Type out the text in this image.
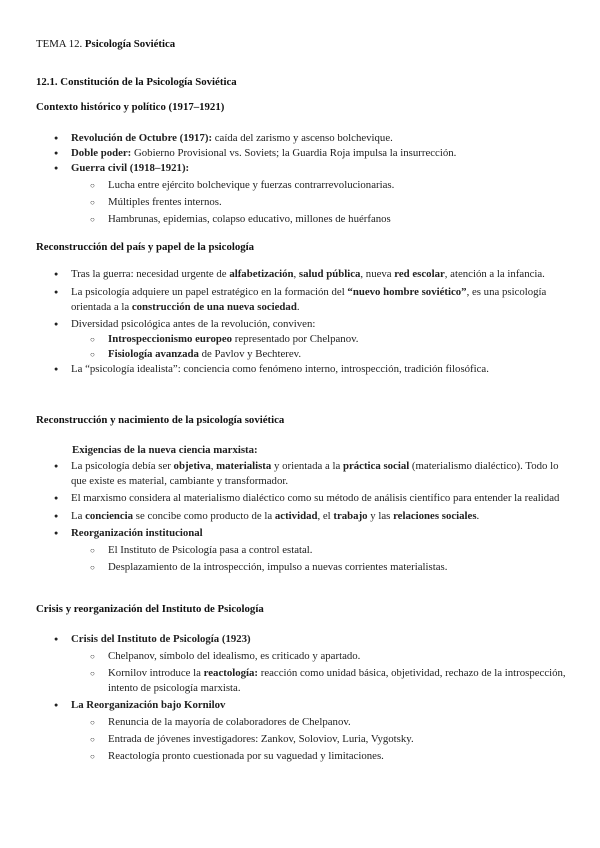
TEMA 12. Psicología Soviética

12.1. Constitución de la Psicología Soviética

Contexto histórico y político (1917–1921)

● Revolución de Octubre (1917): caída del zarismo y ascenso bolchevique.
● Doble poder: Gobierno Provisional vs. Soviets; la Guardia Roja impulsa la insurrección.
● Guerra civil (1918–1921):
○ Lucha entre ejército bolchevique y fuerzas contrarrevolucionarias.
○ Múltiples frentes internos.
○ Hambrunas, epidemias, colapso educativo, millones de huérfanos

Reconstrucción del país y papel de la psicología

● Tras la guerra: necesidad urgente de alfabetización, salud pública, nueva red escolar, atención a la infancia.
● La psicología adquiere un papel estratégico en la formación del “nuevo hombre soviético”, es una psicología orientada a la construcción de una nueva sociedad.
● Diversidad psicológica antes de la revolución, conviven:
○ Introspeccionismo europeo representado por Chelpanov.
○ Fisiología avanzada de Pavlov y Bechterev.
● La “psicología idealista”: conciencia como fenómeno interno, introspección, tradición filosófica.

Reconstrucción y nacimiento de la psicología soviética

Exigencias de la nueva ciencia marxista:

● La psicología debía ser objetiva, materialista y orientada a la práctica social (materialismo dialéctico). Todo lo que existe es material, cambiante y transformador.
● El marxismo considera al materialismo dialéctico como su método de análisis científico para entender la realidad
● La conciencia se concibe como producto de la actividad, el trabajo y las relaciones sociales.
● Reorganización institucional
○ El Instituto de Psicología pasa a control estatal.
○ Desplazamiento de la introspección, impulso a nuevas corrientes materialistas.

Crisis y reorganización del Instituto de Psicología

● Crisis del Instituto de Psicología (1923)
○ Chelpanov, símbolo del idealismo, es criticado y apartado.
○ Kornilov introduce la reactología: reacción como unidad básica, objetividad, rechazo de la introspección, intento de psicología marxista.
● La Reorganización bajo Kornilov
○ Renuncia de la mayoría de colaboradores de Chelpanov.
○ Entrada de jóvenes investigadores: Zankov, Soloviov, Luria, Vygotsky.
○ Reactología pronto cuestionada por su vaguedad y limitaciones.
